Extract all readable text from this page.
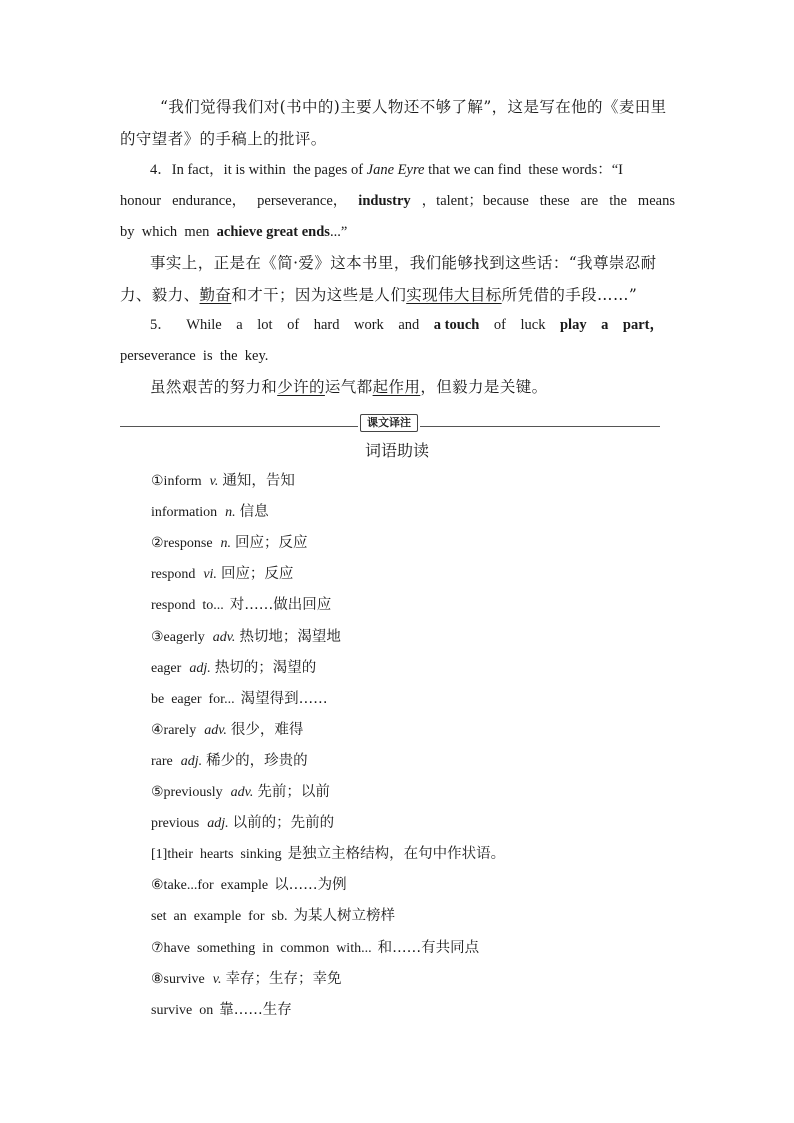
“我们觉得我们对(书中的)主要人物还不够了解”，这是写在他的《麦田里
的守望者》的手稿上的批评。
4．In fact，it is within  the pages of Jane Eyre that we can find  these words：“I
honour endurance， perseverance， industry ，talent；because these are the means
by  which  men  achieve great ends...”
事实上，正是在《简·爱》这本书里，我们能够找到这些话：“我尊崇忍耐
力、毅力、勤奋和才干；因为这些是人们实现伟大目标所凭借的手段……”
5． While a lot of hard work and a touch of luck play a part，
perseverance  is  the  key.
虽然艰苦的努力和少许的运气都起作用，但毅力是关键。
课文译注
词语助读
①inform v. 通知，告知
information n. 信息
②response n. 回应；反应
respond vi. 回应；反应
respond  to... 对……做出回应
③eagerly adv. 热切地；渴望地
eager adj. 热切的；渴望的
be  eager  for... 渴望得到……
④rarely adv. 很少，难得
rare adj. 稀少的，珍贵的
⑤previously adv. 先前；以前
previous adj. 以前的；先前的
[1]their  hearts  sinking 是独立主格结构，在句中作状语。
⑥take...for  example 以……为例
set  an  example  for  sb. 为某人树立榜样
⑦have  something  in  common  with... 和……有共同点
⑧survive v. 幸存；生存；幸免
survive  on 靠……生存
